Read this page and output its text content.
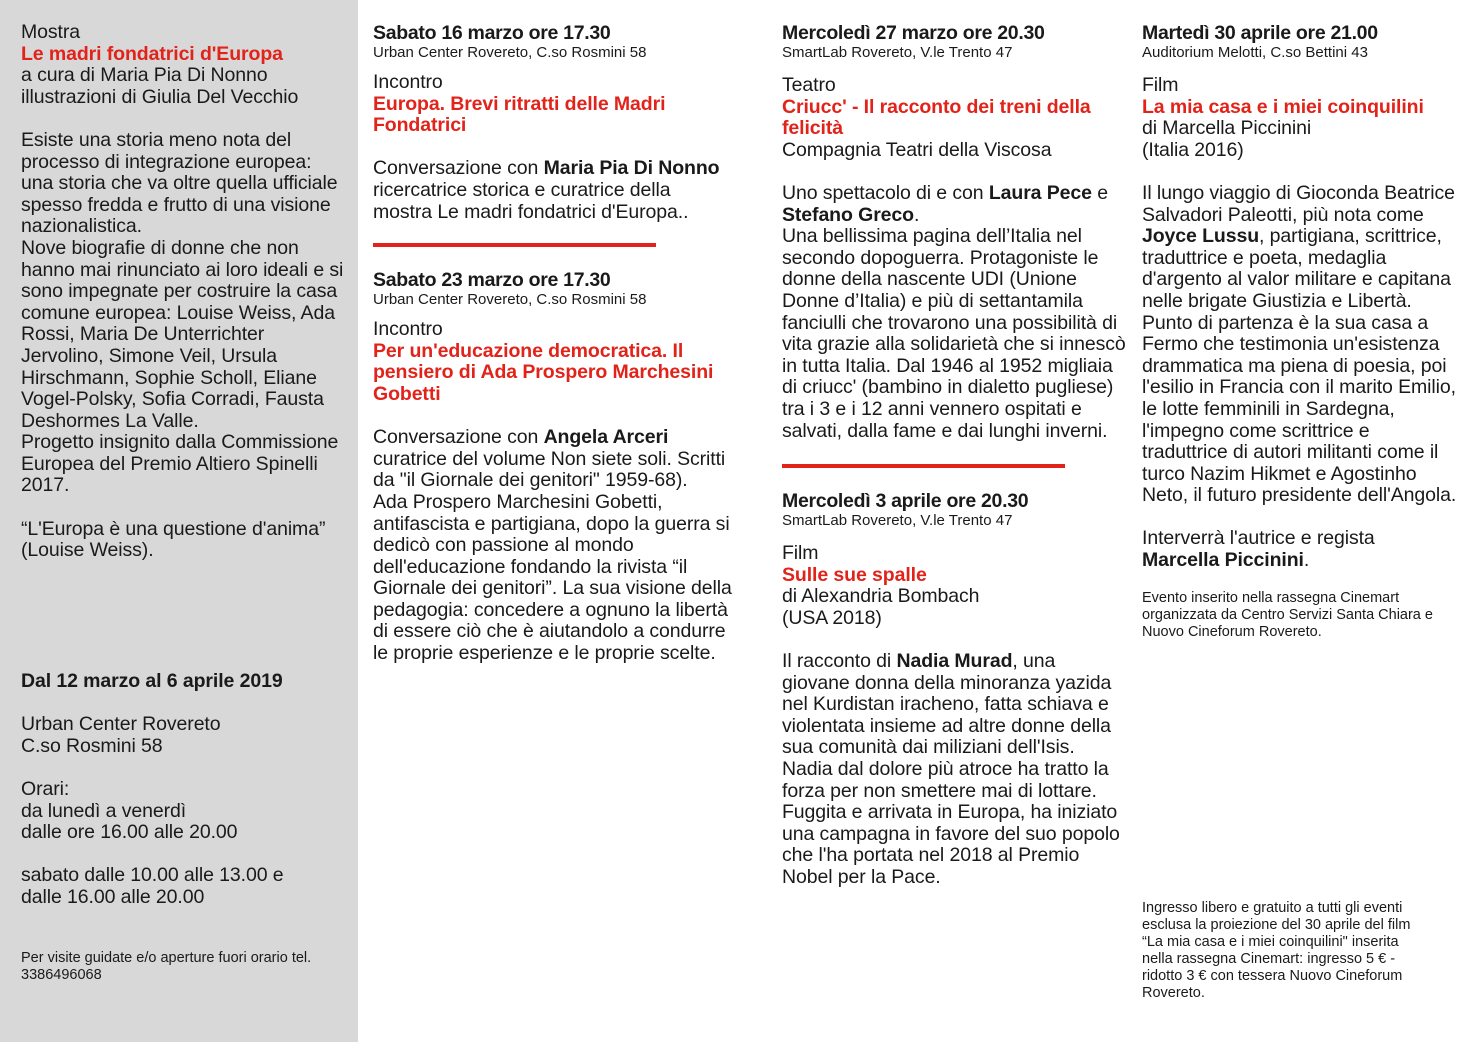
Mostra
Le madri fondatrici d'Europa
a cura di Maria Pia Di Nonno
illustrazioni di Giulia Del Vecchio

Esiste una storia meno nota del processo di integrazione europea: una storia che va oltre quella ufficiale spesso fredda e frutto di una visione nazionalistica.

Nove biografie di donne che non hanno mai rinunciato ai loro ideali e si sono impegnate per costruire la casa comune europea: Louise Weiss, Ada Rossi, Maria De Unterrichter Jervolino, Simone Veil, Ursula Hirschmann, Sophie Scholl, Eliane Vogel-Polsky, Sofia Corradi, Fausta Deshormes La Valle.

Progetto insignito dalla Commissione Europea del Premio Altiero Spinelli 2017.

“L'Europa è una questione d'anima” (Louise Weiss).

Dal 12 marzo al 6 aprile 2019
Urban Center Rovereto
C.so Rosmini 58
Orari:
da lunedì a venerdì
dalle ore 16.00 alle 20.00
sabato dalle 10.00 alle 13.00 e
dalle 16.00 alle 20.00

Per visite guidate e/o aperture fuori orario tel. 3386496068

Sabato 16 marzo ore 17.30
Urban Center Rovereto, C.so Rosmini 58
Incontro
Europa. Brevi ritratti delle Madri Fondatrici

Conversazione con Maria Pia Di Nonno ricercatrice storica e curatrice della mostra Le madri fondatrici d'Europa..

Sabato 23 marzo ore 17.30
Urban Center Rovereto, C.so Rosmini 58
Incontro
Per un'educazione democratica. Il pensiero di Ada Prospero Marchesini Gobetti

Conversazione con Angela Arceri curatrice del volume Non siete soli. Scritti da "il Giornale dei genitori" 1959-68).

Ada Prospero Marchesini Gobetti, antifascista e partigiana, dopo la guerra si dedicò con passione al mondo dell'educazione fondando la rivista “il Giornale dei genitori”. La sua visione della pedagogia: concedere a ognuno la libertà di essere ciò che è aiutandolo a condurre le proprie esperienze e le proprie scelte.

Mercoledì 27 marzo ore 20.30
SmartLab Rovereto, V.le Trento 47
Teatro
Criucc' - Il racconto dei treni della felicità
Compagnia Teatri della Viscosa

Uno spettacolo di e con Laura Pece e Stefano Greco.

Una bellissima pagina dell’Italia nel secondo dopoguerra. Protagoniste le donne della nascente UDI (Unione Donne d’Italia) e più di settantamila fanciulli che trovarono una possibilità di vita grazie alla solidarietà che si innescò in tutta Italia. Dal 1946 al 1952 migliaia di criucc' (bambino in dialetto pugliese) tra i 3 e i 12 anni vennero ospitati e salvati, dalla fame e dai lunghi inverni.

Mercoledì 3 aprile ore 20.30
SmartLab Rovereto, V.le Trento 47
Film
Sulle sue spalle
di Alexandria Bombach
(USA 2018)

Il racconto di Nadia Murad, una giovane donna della minoranza yazida nel Kurdistan iracheno, fatta schiava e violentata insieme ad altre donne della sua comunità dai miliziani dell'Isis. Nadia dal dolore più atroce ha tratto la forza per non smettere mai di lottare. Fuggita e arrivata in Europa, ha iniziato una campagna in favore del suo popolo che l'ha portata nel 2018 al Premio Nobel per la Pace.

Martedì 30 aprile ore 21.00
Auditorium Melotti, C.so Bettini 43
Film
La mia casa e i miei coinquilini
di Marcella Piccinini
(Italia 2016)

Il lungo viaggio di Gioconda Beatrice Salvadori Paleotti, più nota come Joyce Lussu, partigiana, scrittrice, traduttrice e poeta, medaglia d'argento al valor militare e capitana nelle brigate Giustizia e Libertà.

Punto di partenza è la sua casa a Fermo che testimonia un'esistenza drammatica ma piena di poesia, poi l'esilio in Francia con il marito Emilio, le lotte femminili in Sardegna, l'impegno come scrittrice e traduttrice di autori militanti come il turco Nazim Hikmet e Agostinho Neto, il futuro presidente dell'Angola.

Interverrà l'autrice e regista
Marcella Piccinini.

Evento inserito nella rassegna Cinemart organizzata da Centro Servizi Santa Chiara e Nuovo Cineforum Rovereto.

Ingresso libero e gratuito a tutti gli eventi esclusa la proiezione del 30 aprile del film “La mia casa e i miei coinquilini" inserita nella rassegna Cinemart: ingresso 5 € - ridotto 3 € con tessera Nuovo Cineforum Rovereto.
